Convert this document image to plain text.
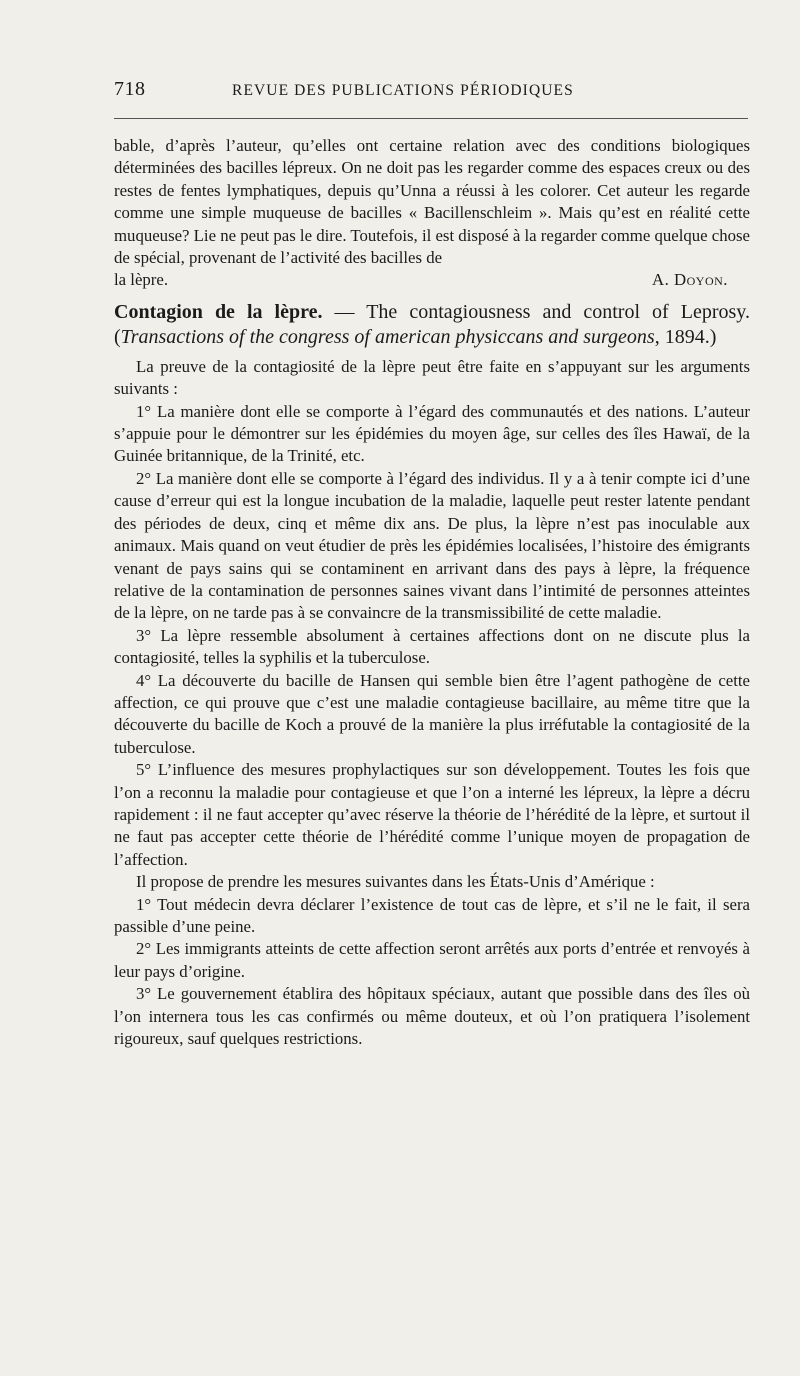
718	REVUE DES PUBLICATIONS PÉRIODIQUES

bable, d’après l’auteur, qu’elles ont certaine relation avec des conditions biologiques déterminées des bacilles lépreux. On ne doit pas les regarder comme des espaces creux ou des restes de fentes lymphatiques, depuis qu’Unna a réussi à les colorer. Cet auteur les regarde comme une simple muqueuse de bacilles « Bacillenschleim ». Mais qu’est en réalité cette muqueuse? Lie ne peut pas le dire. Toutefois, il est disposé à la regarder comme quelque chose de spécial, provenant de l’activité des bacilles de

la lèpre.	A. Doyon.

Contagion de la lèpre. — The contagiousness and control of Leprosy. (Transactions of the congress of american physiccans and surgeons, 1894.)

La preuve de la contagiosité de la lèpre peut être faite en s’appuyant sur les arguments suivants :

1° La manière dont elle se comporte à l’égard des communautés et des nations. L’auteur s’appuie pour le démontrer sur les épidémies du moyen âge, sur celles des îles Hawaï, de la Guinée britannique, de la Trinité, etc.

2° La manière dont elle se comporte à l’égard des individus. Il y a à tenir compte ici d’une cause d’erreur qui est la longue incubation de la maladie, laquelle peut rester latente pendant des périodes de deux, cinq et même dix ans. De plus, la lèpre n’est pas inoculable aux animaux. Mais quand on veut étudier de près les épidémies localisées, l’histoire des émigrants venant de pays sains qui se contaminent en arrivant dans des pays à lèpre, la fréquence relative de la contamination de personnes saines vivant dans l’intimité de personnes atteintes de la lèpre, on ne tarde pas à se convaincre de la transmissibilité de cette maladie.

3° La lèpre ressemble absolument à certaines affections dont on ne discute plus la contagiosité, telles la syphilis et la tuberculose.

4° La découverte du bacille de Hansen qui semble bien être l’agent pathogène de cette affection, ce qui prouve que c’est une maladie contagieuse bacillaire, au même titre que la découverte du bacille de Koch a prouvé de la manière la plus irréfutable la contagiosité de la tuberculose.

5° L’influence des mesures prophylactiques sur son développement. Toutes les fois que l’on a reconnu la maladie pour contagieuse et que l’on a interné les lépreux, la lèpre a décru rapidement : il ne faut accepter qu’avec réserve la théorie de l’hérédité de la lèpre, et surtout il ne faut pas accepter cette théorie de l’hérédité comme l’unique moyen de propagation de l’affection.

Il propose de prendre les mesures suivantes dans les États-Unis d’Amérique :

1° Tout médecin devra déclarer l’existence de tout cas de lèpre, et s’il ne le fait, il sera passible d’une peine.

2° Les immigrants atteints de cette affection seront arrêtés aux ports d’entrée et renvoyés à leur pays d’origine.

3° Le gouvernement établira des hôpitaux spéciaux, autant que possible dans des îles où l’on internera tous les cas confirmés ou même douteux, et où l’on pratiquera l’isolement rigoureux, sauf quelques restrictions.
